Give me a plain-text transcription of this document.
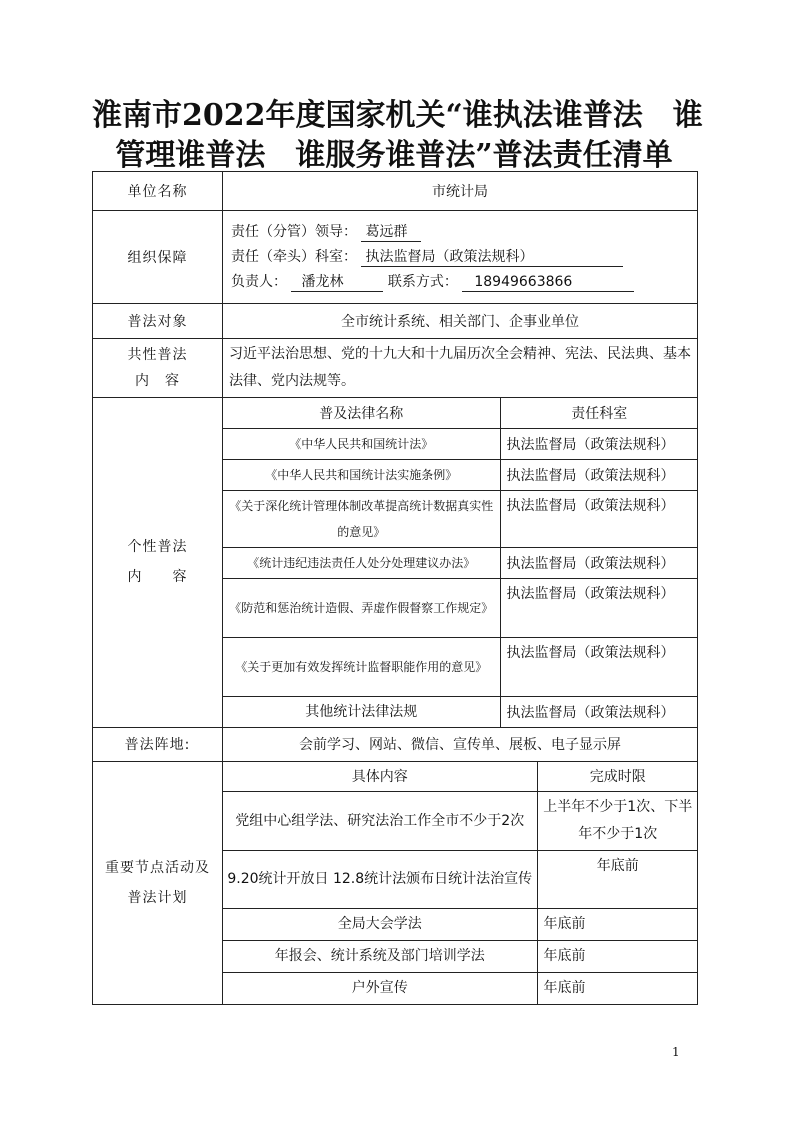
淮南市2022年度国家机关“谁执法谁普法　谁
管理谁普法　谁服务谁普法”普法责任清单
单位名称	市统计局
组织保障	
责任（分管）领导： 葛远群
责任（牵头）科室： 执法监督局（政策法规科）
负责人： 潘龙林	联系方式： 18949663866

普法对象	全市统计系统、相关部门、企事业单位

共性普法
内　容
	习近平法治思想、党的十九大和十九届历次全会精神、宪法、民法典、基本法律、党内法规等。

个性普法
内　　容

普及法律名称	责任科室
《中华人民共和国统计法》	执法监督局（政策法规科）
《中华人民共和国统计法实施条例》	执法监督局（政策法规科）
《关于深化统计管理体制改革提高统计数据真实性的意见》	执法监督局（政策法规科）
《统计违纪违法责任人处分处理建议办法》	执法监督局（政策法规科）
《防范和惩治统计造假、弄虚作假督察工作规定》	执法监督局（政策法规科）
《关于更加有效发挥统计监督职能作用的意见》	执法监督局（政策法规科）
其他统计法律法规	执法监督局（政策法规科）

普法阵地:	会前学习、网站、微信、宣传单、展板、电子显示屏

重要节点活动及
普法计划

具体内容	完成时限
党组中心组学法、研究法治工作全市不少于2次	上半年不少于1次、下半年不少于1次
9.20统计开放日 12.8统计法颁布日统计法治宣传	年底前
全局大会学法	年底前
年报会、统计系统及部门培训学法	年底前
户外宣传	年底前
1
